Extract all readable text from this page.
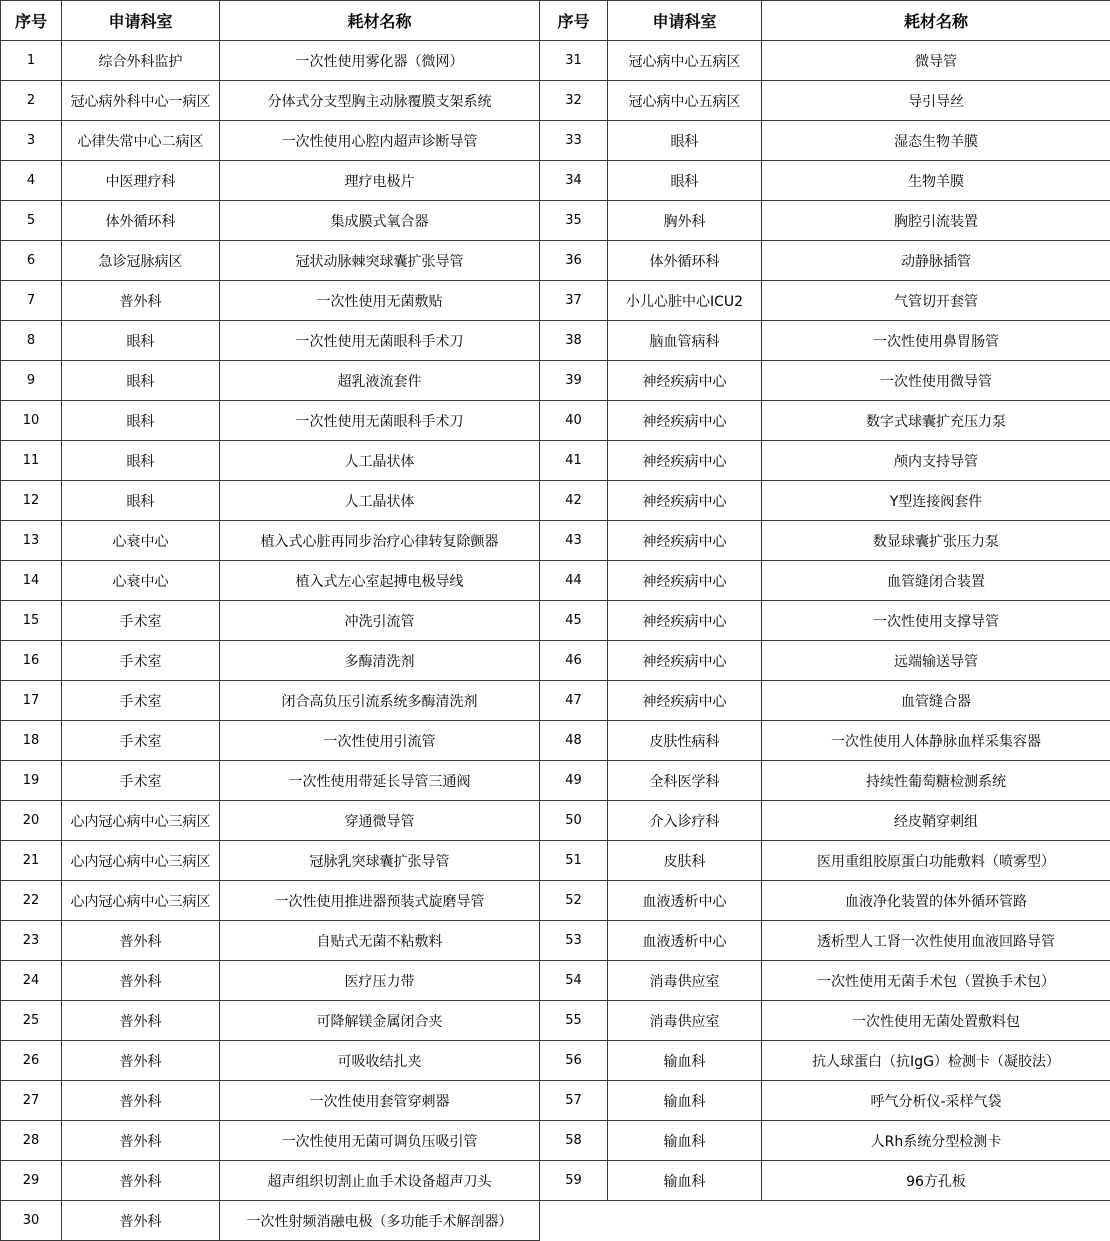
序号	申请科室	耗材名称	序号	申请科室	耗材名称
1	综合外科监护	一次性使用雾化器（微网）	31	冠心病中心五病区	微导管
2	冠心病外科中心一病区	分体式分支型胸主动脉覆膜支架系统	32	冠心病中心五病区	导引导丝
3	心律失常中心二病区	一次性使用心腔内超声诊断导管	33	眼科	湿态生物羊膜
4	中医理疗科	理疗电极片	34	眼科	生物羊膜
5	体外循环科	集成膜式氧合器	35	胸外科	胸腔引流装置
6	急诊冠脉病区	冠状动脉棘突球囊扩张导管	36	体外循环科	动静脉插管
7	普外科	一次性使用无菌敷贴	37	小儿心脏中心ICU2	气管切开套管
8	眼科	一次性使用无菌眼科手术刀	38	脑血管病科	一次性使用鼻胃肠管
9	眼科	超乳液流套件	39	神经疾病中心	一次性使用微导管
10	眼科	一次性使用无菌眼科手术刀	40	神经疾病中心	数字式球囊扩充压力泵
11	眼科	人工晶状体	41	神经疾病中心	颅内支持导管
12	眼科	人工晶状体	42	神经疾病中心	Y型连接阀套件
13	心衰中心	植入式心脏再同步治疗心律转复除颤器	43	神经疾病中心	数显球囊扩张压力泵
14	心衰中心	植入式左心室起搏电极导线	44	神经疾病中心	血管缝闭合装置
15	手术室	冲洗引流管	45	神经疾病中心	一次性使用支撑导管
16	手术室	多酶清洗剂	46	神经疾病中心	远端输送导管
17	手术室	闭合高负压引流系统多酶清洗剂	47	神经疾病中心	血管缝合器
18	手术室	一次性使用引流管	48	皮肤性病科	一次性使用人体静脉血样采集容器
19	手术室	一次性使用带延长导管三通阀	49	全科医学科	持续性葡萄糖检测系统
20	心内冠心病中心三病区	穿通微导管	50	介入诊疗科	经皮鞘穿刺组
21	心内冠心病中心三病区	冠脉乳突球囊扩张导管	51	皮肤科	医用重组胶原蛋白功能敷料（喷雾型）
22	心内冠心病中心三病区	一次性使用推进器预装式旋磨导管	52	血液透析中心	血液净化装置的体外循环管路
23	普外科	自贴式无菌不粘敷料	53	血液透析中心	透析型人工肾一次性使用血液回路导管
24	普外科	医疗压力带	54	消毒供应室	一次性使用无菌手术包（置换手术包）
25	普外科	可降解镁金属闭合夹	55	消毒供应室	一次性使用无菌处置敷料包
26	普外科	可吸收结扎夹	56	输血科	抗人球蛋白（抗IgG）检测卡（凝胶法）
27	普外科	一次性使用套管穿刺器	57	输血科	呼气分析仪-采样气袋
28	普外科	一次性使用无菌可调负压吸引管	58	输血科	人Rh系统分型检测卡
29	普外科	超声组织切割止血手术设备超声刀头	59	输血科	96方孔板
30	普外科	一次性射频消融电极（多功能手术解剖器）			
